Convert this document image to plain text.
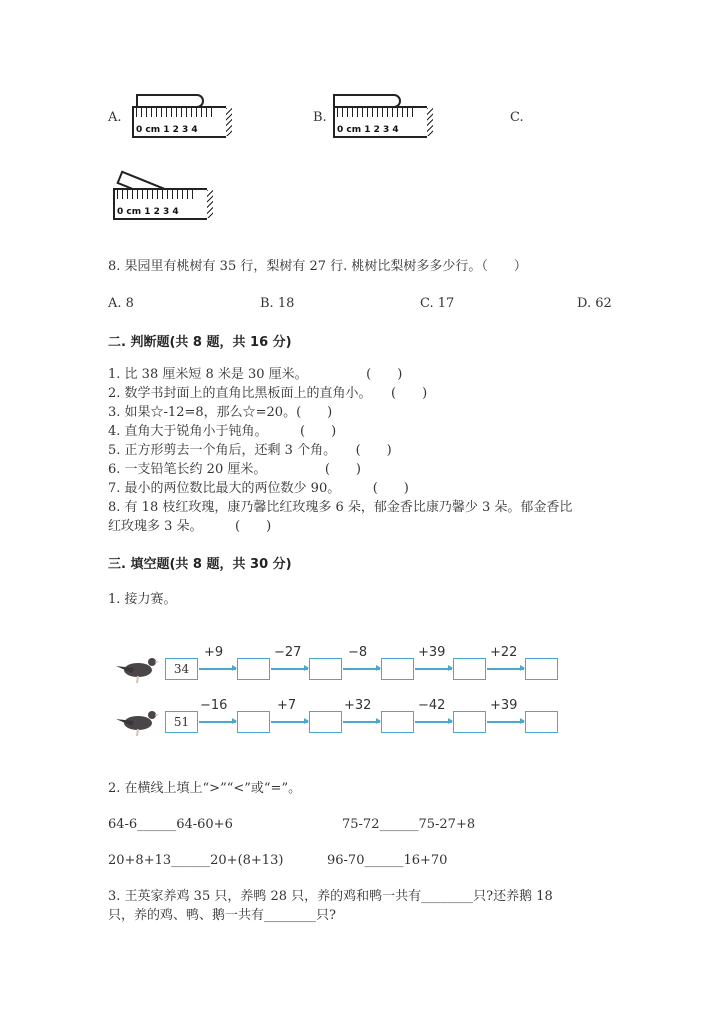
A.
0 cm 1 2 3 4
B.
0 cm 1 2 3 4
C.
0 cm 1 2 3 4
8. 果园里有桃树有 35 行，梨树有 27 行. 桃树比梨树多多少行。（　　）
A. 8	B. 18	C. 17	D. 62
二. 判断题(共 8 题，共 16 分)
1. 比 38 厘米短 8 米是 30 厘米。　　　　　(　　)
2. 数学书封面上的直角比黑板面上的直角小。　　(　　)
3. 如果☆-12=8，那么☆=20。(　　)
4. 直角大于锐角小于钝角。　　　(　　)
5. 正方形剪去一个角后，还剩 3 个角。　　(　　)
6. 一支铅笔长约 20 厘米。　　　　　(　　)
7. 最小的两位数比最大的两位数少 90。　　　(　　)
8. 有 18 枝红玫瑰，康乃馨比红玫瑰多 6 朵，郁金香比康乃馨少 3 朵。郁金香比
红玫瑰多 3 朵。　　　(　　)
三. 填空题(共 8 题，共 30 分)
1. 接力赛。
34
+9	−27	−8	+39	+22
51
−16	+7	+32	−42	+39
2. 在横线上填上“>”“<”或“=”。
64-6______64-60+6	75-72______75-27+8
20+8+13______20+(8+13)	96-70______16+70
3. 王英家养鸡 35 只，养鸭 28 只，养的鸡和鸭一共有________只?还养鹅 18
只，养的鸡、鸭、鹅一共有________只?
